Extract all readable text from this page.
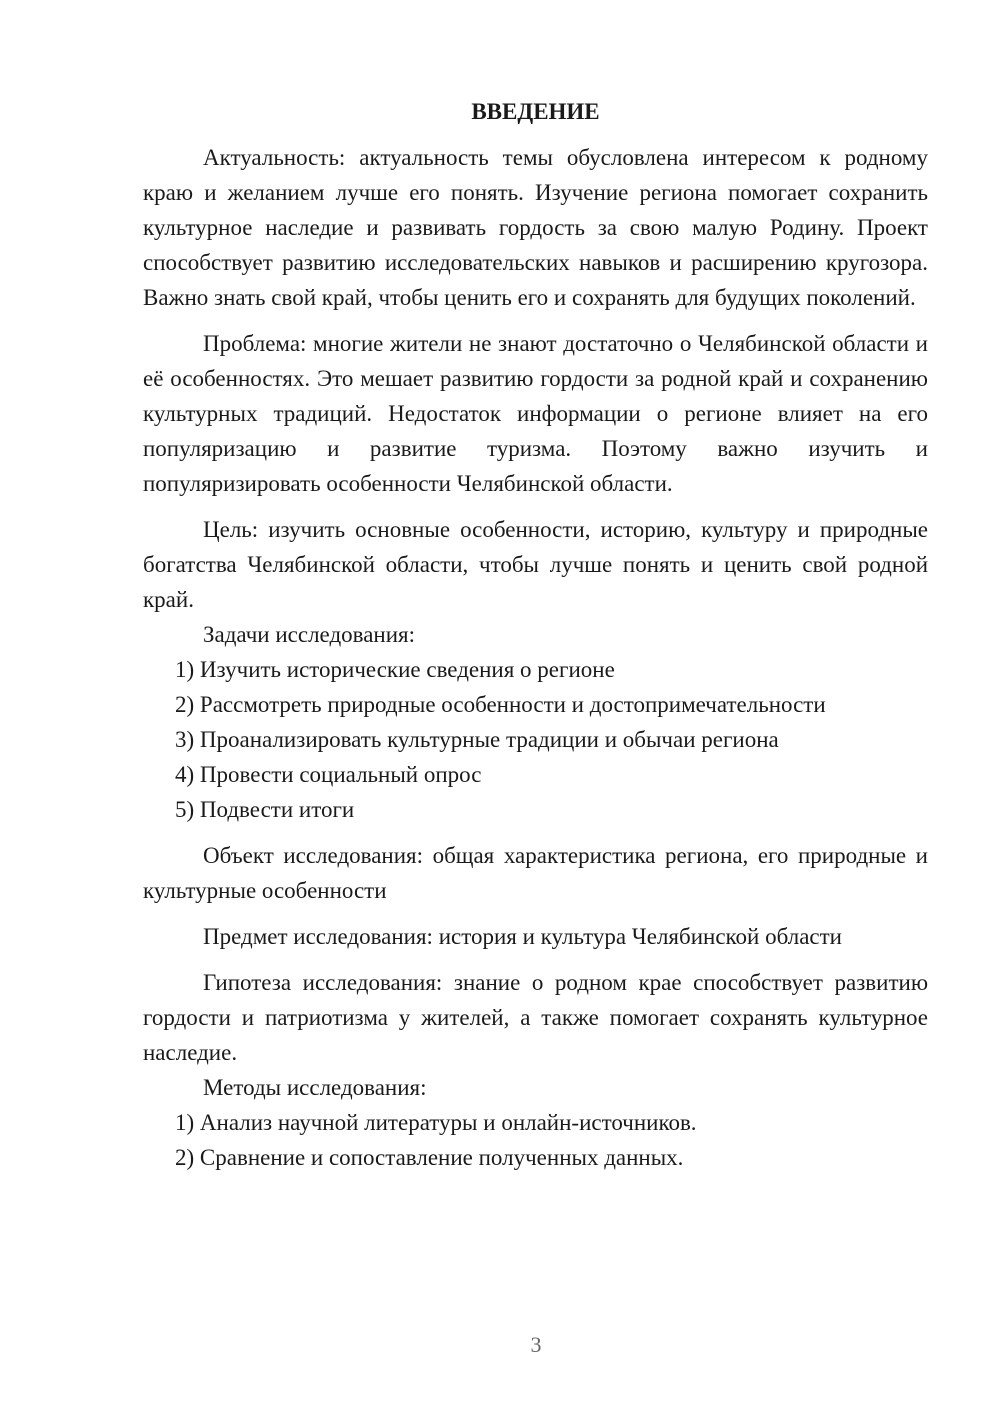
ВВЕДЕНИЕ

Актуальность: актуальность темы обусловлена интересом к родному краю и желанием лучше его понять. Изучение региона помогает сохранить культурное наследие и развивать гордость за свою малую Родину. Проект способствует развитию исследовательских навыков и расширению кругозора. Важно знать свой край, чтобы ценить его и сохранять для будущих поколений.

Проблема: многие жители не знают достаточно о Челябинской области и её особенностях. Это мешает развитию гордости за родной край и сохранению культурных традиций. Недостаток информации о регионе влияет на его популяризацию и развитие туризма. Поэтому важно изучить и популяризировать особенности Челябинской области.

Цель: изучить основные особенности, историю, культуру и природные богатства Челябинской области, чтобы лучше понять и ценить свой родной край.

Задачи исследования:

1) Изучить исторические сведения о регионе

2) Рассмотреть природные особенности и достопримечательности

3) Проанализировать культурные традиции и обычаи региона

4) Провести социальный опрос

5) Подвести итоги

Объект исследования: общая характеристика региона, его природные и культурные особенности

Предмет исследования: история и культура Челябинской области

Гипотеза исследования: знание о родном крае способствует развитию гордости и патриотизма у жителей, а также помогает сохранять культурное наследие.

Методы исследования:

1) Анализ научной литературы и онлайн-источников.

2) Сравнение и сопоставление полученных данных.

3
